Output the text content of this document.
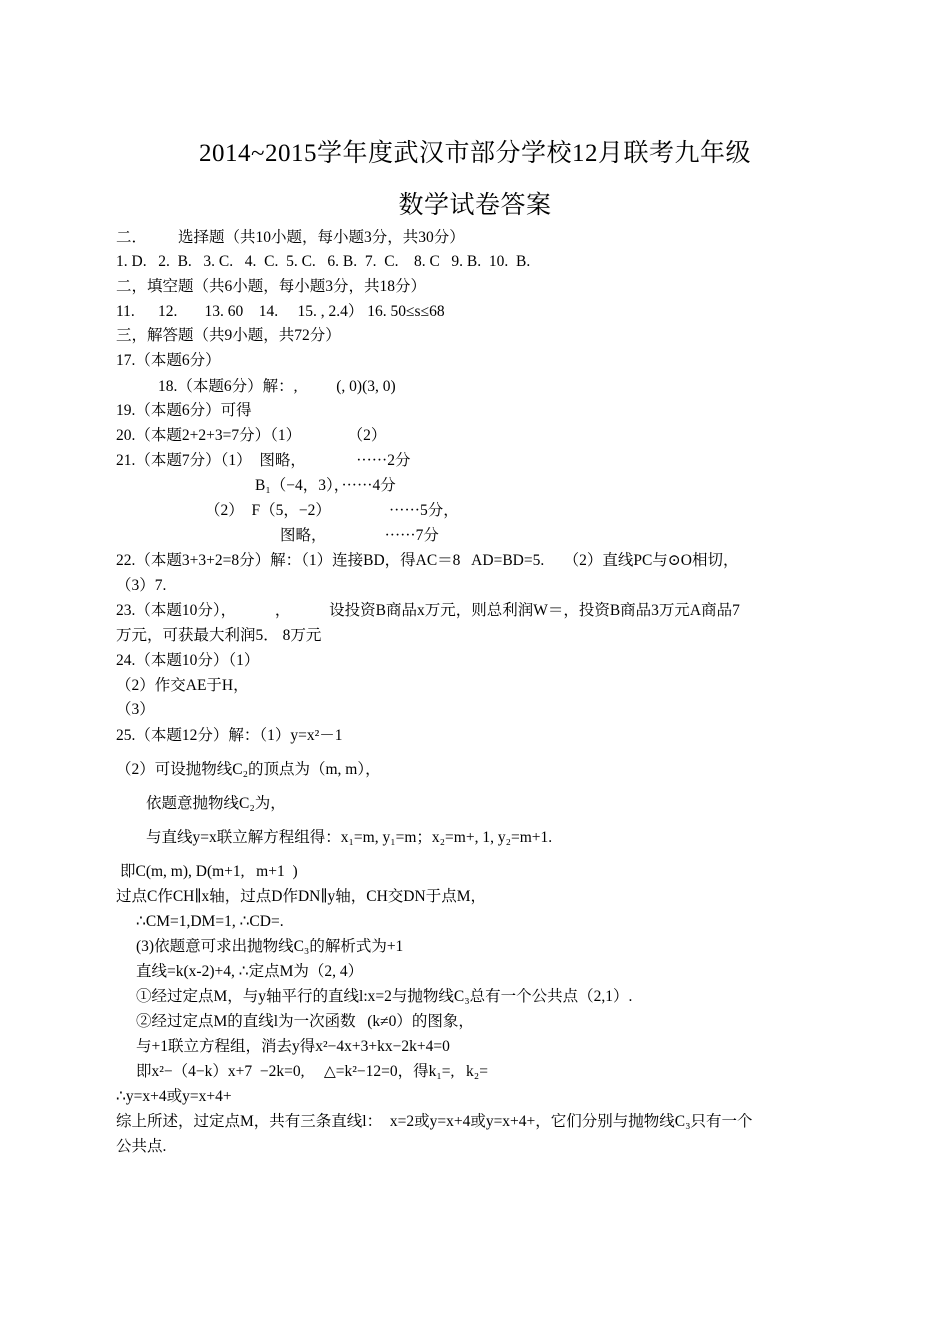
2014~2015学年度武汉市部分学校12月联考九年级
数学试卷答案
二．        选择题（共10小题，每小题3分，共30分）
1. D.   2.  B.   3. C.   4.  C.  5. C.   6. B.  7.  C.    8. C   9. B.  10.  B.
二，填空题（共6小题，每小题3分，共18分）
11.      12.       13. 60    14.     15. , 2.4） 16. 50≤s≤68
三，解答题（共9小题，共72分）
17.（本题6分）
18.（本题6分）解：,          (, 0)(3, 0)
19.（本题6分）可得
20.（本题2+2+3=7分）（1）            （2）
21.（本题7分）（1）  图略，             ······2分
B₁（−4，3），······4分
（2）  F（5，−2）               ······5分，
图略，               ······7分
22.（本题3+3+2=8分）解：（1）连接BD，得AC＝8   AD=BD=5.     （2）直线PC与⊙O相切，
（3）7.
23.（本题10分），          ，          设投资B商品x万元，则总利润W＝，投资B商品3万元A商品7
万元，可获最大利润5． 8万元
24.（本题10分）（1）
（2）作交AE于H，
（3）
25.（本题12分）解：（1）y=x²－1
（2）可设抛物线C₂的顶点为（m, m），
依题意抛物线C₂为，
与直线y=x联立解方程组得：x₁=m, y₁=m；x₂=m+, 1, y₂=m+1.
即C(m, m), D(m+1,   m+1  )
过点C作CH∥x轴，过点D作DN∥y轴，CH交DN于点M，
∴CM=1,DM=1, ∴CD=.
(3)依题意可求出抛物线C₃的解析式为+1
直线=k(x-2)+4, ∴定点M为（2, 4）
①经过定点M，与y轴平行的直线l:x=2与抛物线C₃总有一个公共点（2,1）.
②经过定点M的直线l为一次函数   (k≠0）的图象，
与+1联立方程组，消去y得x²−4x+3+kx−2k+4=0
即x²−（4−k）x+7  −2k=0,     △=k²−12=0，得k₁=,   k₂=
∴y=x+4或y=x+4+
综上所述，过定点M，共有三条直线l：  x=2或y=x+4或y=x+4+，它们分别与抛物线C₃只有一个
公共点.
